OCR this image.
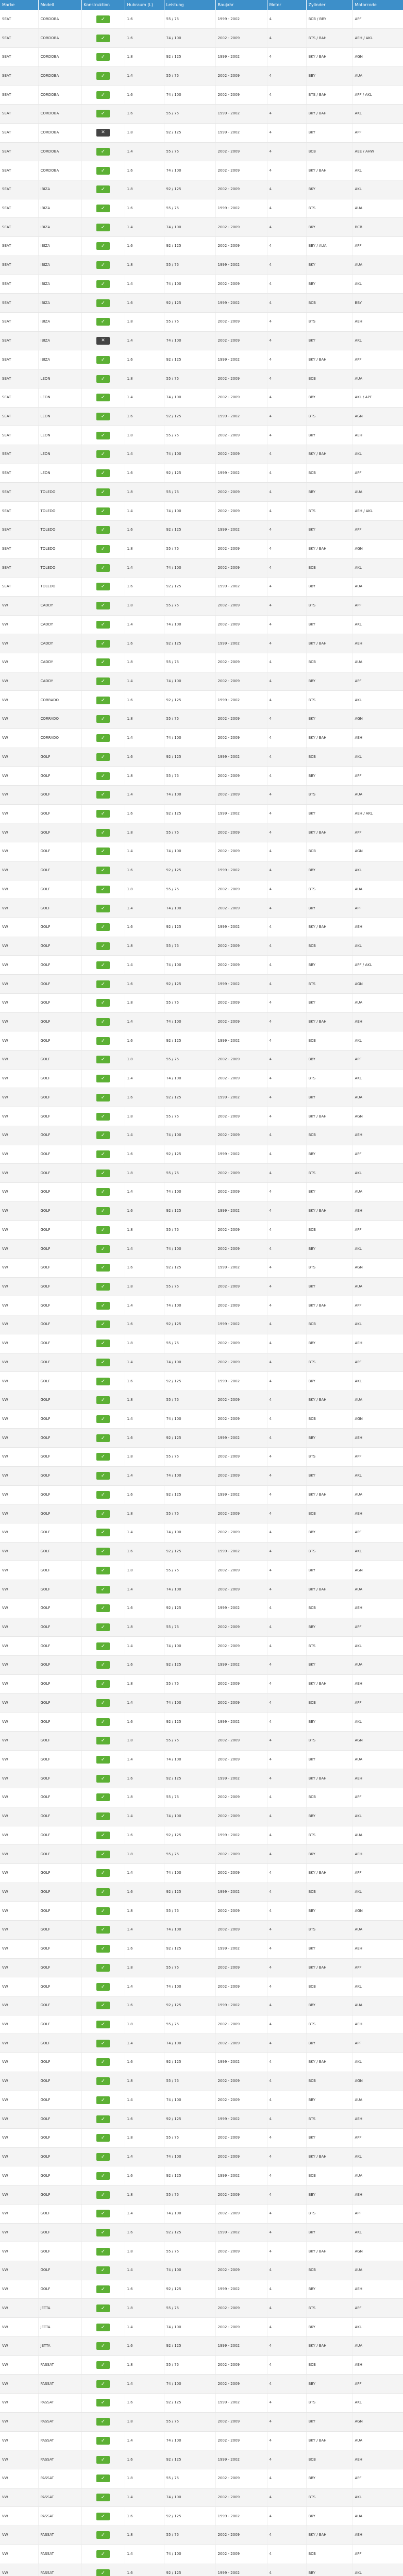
Marke	Modell	Konstruktion	Hubraum (L)	Leistung	Baujahr	Motor	Zylinder	Motorcode
SEAT	CORDOBA	✓	1.6	55 / 75	1999 - 2002	4	BCB / BBY	APF
SEAT	CORDOBA	✓	1.6	74 / 100	2002 - 2009	4	BTS / BAH	AEH / AKL
SEAT	CORDOBA	✓	1.8	92 / 125	1999 - 2002	4	BKY / BAH	AGN
SEAT	CORDOBA	✓	1.4	55 / 75	2002 - 2009	4	BBY	AUA
SEAT	CORDOBA	✓	1.6	74 / 100	2002 - 2009	4	BTS / BAH	APF / AKL
SEAT	CORDOBA	✓	1.6	55 / 75	1999 - 2002	4	BKY / BAH	AKL
SEAT	CORDOBA	✕	1.8	92 / 125	1999 - 2002	4	BKY	APF
SEAT	CORDOBA	✓	1.4	55 / 75	2002 - 2009	4	BCB	AEE / AHW
SEAT	CORDOBA	✓	1.6	74 / 100	2002 - 2009	4	BKY / BAH	AKL
SEAT	IBIZA	✓	1.8	92 / 125	2002 - 2009	4	BKY	AKL
SEAT	IBIZA	✓	1.6	55 / 75	1999 - 2002	4	BTS	AUA
SEAT	IBIZA	✓	1.4	74 / 100	2002 - 2009	4	BKY	BCB
SEAT	IBIZA	✓	1.6	92 / 125	2002 - 2009	4	BBY / AUA	APF
SEAT	IBIZA	✓	1.8	55 / 75	1999 - 2002	4	BKY	AUA
SEAT	IBIZA	✓	1.4	74 / 100	2002 - 2009	4	BBY	AKL
SEAT	IBIZA	✓	1.6	92 / 125	1999 - 2002	4	BCB	BBY
SEAT	IBIZA	✓	1.8	55 / 75	2002 - 2009	4	BTS	AEH
SEAT	IBIZA	✕	1.4	74 / 100	2002 - 2009	4	BKY	AKL
SEAT	IBIZA	✓	1.6	92 / 125	1999 - 2002	4	BKY / BAH	APF
SEAT	LEON	✓	1.8	55 / 75	2002 - 2009	4	BCB	AUA
SEAT	LEON	✓	1.4	74 / 100	2002 - 2009	4	BBY	AKL / APF
SEAT	LEON	✓	1.6	92 / 125	1999 - 2002	4	BTS	AGN
SEAT	LEON	✓	1.8	55 / 75	2002 - 2009	4	BKY	AEH
SEAT	LEON	✓	1.4	74 / 100	2002 - 2009	4	BKY / BAH	AKL
SEAT	LEON	✓	1.6	92 / 125	1999 - 2002	4	BCB	APF
SEAT	TOLEDO	✓	1.8	55 / 75	2002 - 2009	4	BBY	AUA
SEAT	TOLEDO	✓	1.4	74 / 100	2002 - 2009	4	BTS	AEH / AKL
SEAT	TOLEDO	✓	1.6	92 / 125	1999 - 2002	4	BKY	APF
SEAT	TOLEDO	✓	1.8	55 / 75	2002 - 2009	4	BKY / BAH	AGN
SEAT	TOLEDO	✓	1.4	74 / 100	2002 - 2009	4	BCB	AKL
SEAT	TOLEDO	✓	1.6	92 / 125	1999 - 2002	4	BBY	AUA
VW	CADDY	✓	1.8	55 / 75	2002 - 2009	4	BTS	APF
VW	CADDY	✓	1.4	74 / 100	2002 - 2009	4	BKY	AKL
VW	CADDY	✓	1.6	92 / 125	1999 - 2002	4	BKY / BAH	AEH
VW	CADDY	✓	1.8	55 / 75	2002 - 2009	4	BCB	AUA
VW	CADDY	✓	1.4	74 / 100	2002 - 2009	4	BBY	APF
VW	CORRADO	✓	1.6	92 / 125	1999 - 2002	4	BTS	AKL
VW	CORRADO	✓	1.8	55 / 75	2002 - 2009	4	BKY	AGN
VW	CORRADO	✓	1.4	74 / 100	2002 - 2009	4	BKY / BAH	AEH
VW	GOLF	✓	1.6	92 / 125	1999 - 2002	4	BCB	AKL
VW	GOLF	✓	1.8	55 / 75	2002 - 2009	4	BBY	APF
VW	GOLF	✓	1.4	74 / 100	2002 - 2009	4	BTS	AUA
VW	GOLF	✓	1.6	92 / 125	1999 - 2002	4	BKY	AEH / AKL
VW	GOLF	✓	1.8	55 / 75	2002 - 2009	4	BKY / BAH	APF
VW	GOLF	✓	1.4	74 / 100	2002 - 2009	4	BCB	AGN
VW	GOLF	✓	1.6	92 / 125	1999 - 2002	4	BBY	AKL
VW	GOLF	✓	1.8	55 / 75	2002 - 2009	4	BTS	AUA
VW	GOLF	✓	1.4	74 / 100	2002 - 2009	4	BKY	APF
VW	GOLF	✓	1.6	92 / 125	1999 - 2002	4	BKY / BAH	AEH
VW	GOLF	✓	1.8	55 / 75	2002 - 2009	4	BCB	AKL
VW	GOLF	✓	1.4	74 / 100	2002 - 2009	4	BBY	APF / AKL
VW	GOLF	✓	1.6	92 / 125	1999 - 2002	4	BTS	AGN
VW	GOLF	✓	1.8	55 / 75	2002 - 2009	4	BKY	AUA
VW	GOLF	✓	1.4	74 / 100	2002 - 2009	4	BKY / BAH	AEH
VW	GOLF	✓	1.6	92 / 125	1999 - 2002	4	BCB	AKL
VW	GOLF	✓	1.8	55 / 75	2002 - 2009	4	BBY	APF
VW	GOLF	✓	1.4	74 / 100	2002 - 2009	4	BTS	AKL
VW	GOLF	✓	1.6	92 / 125	1999 - 2002	4	BKY	AUA
VW	GOLF	✓	1.8	55 / 75	2002 - 2009	4	BKY / BAH	AGN
VW	GOLF	✓	1.4	74 / 100	2002 - 2009	4	BCB	AEH
VW	GOLF	✓	1.6	92 / 125	1999 - 2002	4	BBY	APF
VW	GOLF	✓	1.8	55 / 75	2002 - 2009	4	BTS	AKL
VW	GOLF	✓	1.4	74 / 100	2002 - 2009	4	BKY	AUA
VW	GOLF	✓	1.6	92 / 125	1999 - 2002	4	BKY / BAH	AEH
VW	GOLF	✓	1.8	55 / 75	2002 - 2009	4	BCB	APF
VW	GOLF	✓	1.4	74 / 100	2002 - 2009	4	BBY	AKL
VW	GOLF	✓	1.6	92 / 125	1999 - 2002	4	BTS	AGN
VW	GOLF	✓	1.8	55 / 75	2002 - 2009	4	BKY	AUA
VW	GOLF	✓	1.4	74 / 100	2002 - 2009	4	BKY / BAH	APF
VW	GOLF	✓	1.6	92 / 125	1999 - 2002	4	BCB	AKL
VW	GOLF	✓	1.8	55 / 75	2002 - 2009	4	BBY	AEH
VW	GOLF	✓	1.4	74 / 100	2002 - 2009	4	BTS	APF
VW	GOLF	✓	1.6	92 / 125	1999 - 2002	4	BKY	AKL
VW	GOLF	✓	1.8	55 / 75	2002 - 2009	4	BKY / BAH	AUA
VW	GOLF	✓	1.4	74 / 100	2002 - 2009	4	BCB	AGN
VW	GOLF	✓	1.6	92 / 125	1999 - 2002	4	BBY	AEH
VW	GOLF	✓	1.8	55 / 75	2002 - 2009	4	BTS	APF
VW	GOLF	✓	1.4	74 / 100	2002 - 2009	4	BKY	AKL
VW	GOLF	✓	1.6	92 / 125	1999 - 2002	4	BKY / BAH	AUA
VW	GOLF	✓	1.8	55 / 75	2002 - 2009	4	BCB	AEH
VW	GOLF	✓	1.4	74 / 100	2002 - 2009	4	BBY	APF
VW	GOLF	✓	1.6	92 / 125	1999 - 2002	4	BTS	AKL
VW	GOLF	✓	1.8	55 / 75	2002 - 2009	4	BKY	AGN
VW	GOLF	✓	1.4	74 / 100	2002 - 2009	4	BKY / BAH	AUA
VW	GOLF	✓	1.6	92 / 125	1999 - 2002	4	BCB	AEH
VW	GOLF	✓	1.8	55 / 75	2002 - 2009	4	BBY	APF
VW	GOLF	✓	1.4	74 / 100	2002 - 2009	4	BTS	AKL
VW	GOLF	✓	1.6	92 / 125	1999 - 2002	4	BKY	AUA
VW	GOLF	✓	1.8	55 / 75	2002 - 2009	4	BKY / BAH	AEH
VW	GOLF	✓	1.4	74 / 100	2002 - 2009	4	BCB	APF
VW	GOLF	✓	1.6	92 / 125	1999 - 2002	4	BBY	AKL
VW	GOLF	✓	1.8	55 / 75	2002 - 2009	4	BTS	AGN
VW	GOLF	✓	1.4	74 / 100	2002 - 2009	4	BKY	AUA
VW	GOLF	✓	1.6	92 / 125	1999 - 2002	4	BKY / BAH	AEH
VW	GOLF	✓	1.8	55 / 75	2002 - 2009	4	BCB	APF
VW	GOLF	✓	1.4	74 / 100	2002 - 2009	4	BBY	AKL
VW	GOLF	✓	1.6	92 / 125	1999 - 2002	4	BTS	AUA
VW	GOLF	✓	1.8	55 / 75	2002 - 2009	4	BKY	AEH
VW	GOLF	✓	1.4	74 / 100	2002 - 2009	4	BKY / BAH	APF
VW	GOLF	✓	1.6	92 / 125	1999 - 2002	4	BCB	AKL
VW	GOLF	✓	1.8	55 / 75	2002 - 2009	4	BBY	AGN
VW	GOLF	✓	1.4	74 / 100	2002 - 2009	4	BTS	AUA
VW	GOLF	✓	1.6	92 / 125	1999 - 2002	4	BKY	AEH
VW	GOLF	✓	1.8	55 / 75	2002 - 2009	4	BKY / BAH	APF
VW	GOLF	✓	1.4	74 / 100	2002 - 2009	4	BCB	AKL
VW	GOLF	✓	1.6	92 / 125	1999 - 2002	4	BBY	AUA
VW	GOLF	✓	1.8	55 / 75	2002 - 2009	4	BTS	AEH
VW	GOLF	✓	1.4	74 / 100	2002 - 2009	4	BKY	APF
VW	GOLF	✓	1.6	92 / 125	1999 - 2002	4	BKY / BAH	AKL
VW	GOLF	✓	1.8	55 / 75	2002 - 2009	4	BCB	AGN
VW	GOLF	✓	1.4	74 / 100	2002 - 2009	4	BBY	AUA
VW	GOLF	✓	1.6	92 / 125	1999 - 2002	4	BTS	AEH
VW	GOLF	✓	1.8	55 / 75	2002 - 2009	4	BKY	APF
VW	GOLF	✓	1.4	74 / 100	2002 - 2009	4	BKY / BAH	AKL
VW	GOLF	✓	1.6	92 / 125	1999 - 2002	4	BCB	AUA
VW	GOLF	✓	1.8	55 / 75	2002 - 2009	4	BBY	AEH
VW	GOLF	✓	1.4	74 / 100	2002 - 2009	4	BTS	APF
VW	GOLF	✓	1.6	92 / 125	1999 - 2002	4	BKY	AKL
VW	GOLF	✓	1.8	55 / 75	2002 - 2009	4	BKY / BAH	AGN
VW	GOLF	✓	1.4	74 / 100	2002 - 2009	4	BCB	AUA
VW	GOLF	✓	1.6	92 / 125	1999 - 2002	4	BBY	AEH
VW	JETTA	✓	1.8	55 / 75	2002 - 2009	4	BTS	APF
VW	JETTA	✓	1.4	74 / 100	2002 - 2009	4	BKY	AKL
VW	JETTA	✓	1.6	92 / 125	1999 - 2002	4	BKY / BAH	AUA
VW	PASSAT	✓	1.8	55 / 75	2002 - 2009	4	BCB	AEH
VW	PASSAT	✓	1.4	74 / 100	2002 - 2009	4	BBY	APF
VW	PASSAT	✓	1.6	92 / 125	1999 - 2002	4	BTS	AKL
VW	PASSAT	✓	1.8	55 / 75	2002 - 2009	4	BKY	AGN
VW	PASSAT	✓	1.4	74 / 100	2002 - 2009	4	BKY / BAH	AUA
VW	PASSAT	✓	1.6	92 / 125	1999 - 2002	4	BCB	AEH
VW	PASSAT	✓	1.8	55 / 75	2002 - 2009	4	BBY	APF
VW	PASSAT	✓	1.4	74 / 100	2002 - 2009	4	BTS	AKL
VW	PASSAT	✓	1.6	92 / 125	1999 - 2002	4	BKY	AUA
VW	PASSAT	✓	1.8	55 / 75	2002 - 2009	4	BKY / BAH	AEH
VW	PASSAT	✓	1.4	74 / 100	2002 - 2009	4	BCB	APF
VW	PASSAT	✓	1.6	92 / 125	1999 - 2002	4	BBY	AKL
